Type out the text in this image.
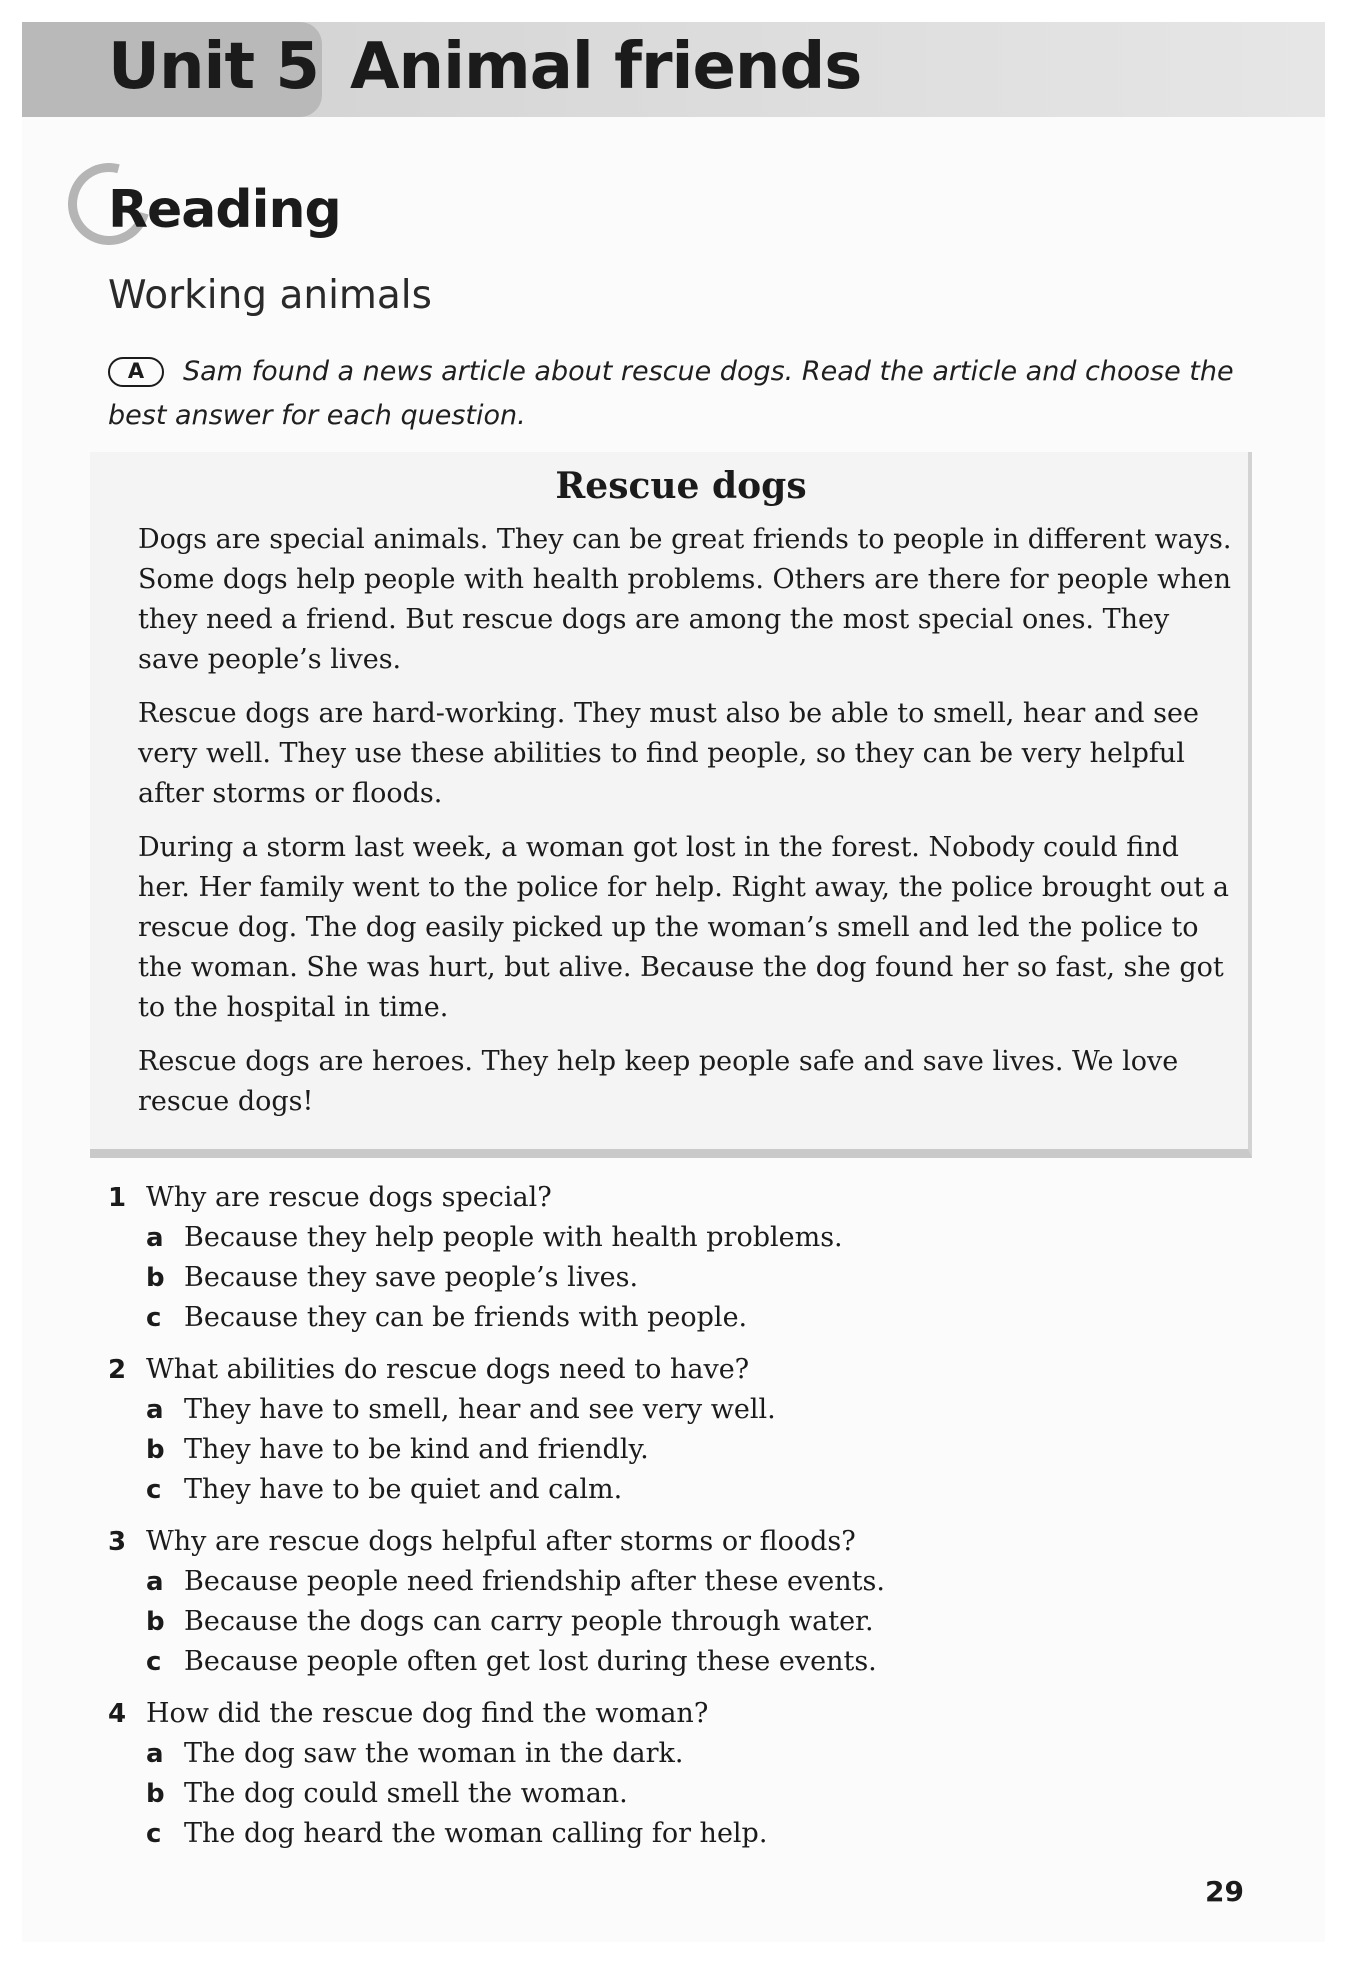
Unit 5 Animal friends
Reading
Working animals
A	Sam found a news article about rescue dogs. Read the article and choose the best answer for each question.
Rescue dogs

Dogs are special animals. They can be great friends to people in different ways. Some dogs help people with health problems. Others are there for people when they need a friend. But rescue dogs are among the most special ones. They save people’s lives.

Rescue dogs are hard-working. They must also be able to smell, hear and see very well. They use these abilities to find people, so they can be very helpful after storms or floods.

During a storm last week, a woman got lost in the forest. Nobody could find her. Her family went to the police for help. Right away, the police brought out a rescue dog. The dog easily picked up the woman’s smell and led the police to the woman. She was hurt, but alive. Because the dog found her so fast, she got to the hospital in time.

Rescue dogs are heroes. They help keep people safe and save lives. We love rescue dogs!

1 Why are rescue dogs special?
a Because they help people with health problems.
b Because they save people’s lives.
c Because they can be friends with people.
2 What abilities do rescue dogs need to have?
a They have to smell, hear and see very well.
b They have to be kind and friendly.
c They have to be quiet and calm.
3 Why are rescue dogs helpful after storms or floods?
a Because people need friendship after these events.
b Because the dogs can carry people through water.
c Because people often get lost during these events.
4 How did the rescue dog find the woman?
a The dog saw the woman in the dark.
b The dog could smell the woman.
c The dog heard the woman calling for help.
29
